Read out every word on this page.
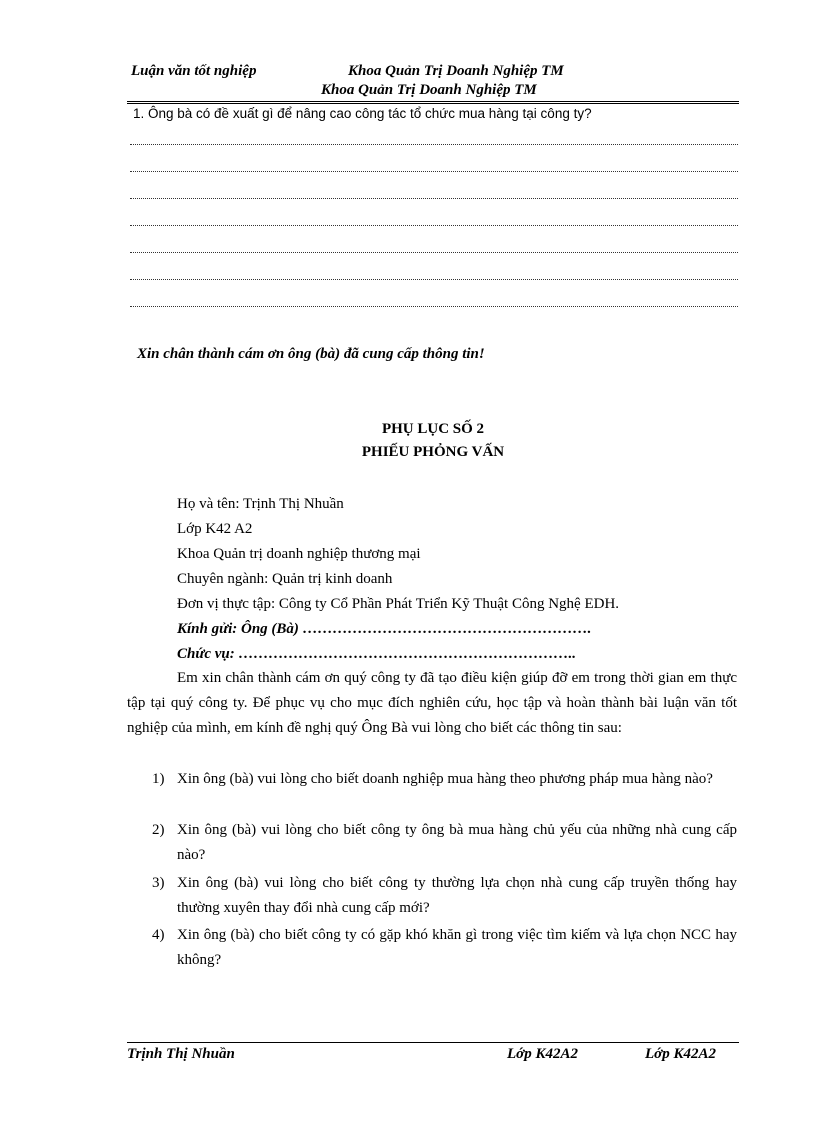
Luận văn tốt nghiệp	Khoa Quản Trị Doanh Nghiệp TM
Khoa Quản Trị Doanh Nghiệp TM
1. Ông bà có đề xuất gì để nâng cao công tác tổ chức mua hàng tại công ty?
Xin chân thành cám ơn ông (bà) đã cung cấp thông tin!
PHỤ LỤC SỐ 2
PHIẾU PHỎNG VẤN
Họ và tên: Trịnh Thị Nhuần
Lớp K42 A2
Khoa Quản trị doanh nghiệp thương mại
Chuyên ngành: Quản trị kinh doanh
Đơn vị thực tập: Công ty Cổ Phần Phát Triển Kỹ Thuật Công Nghệ EDH.
Kính gửi: Ông (Bà) ………………………………………………….
Chức vụ: …………………………………………………………..
Em xin chân thành cám ơn quý công ty đã tạo điều kiện giúp đỡ em trong thời gian em thực tập tại quý công ty. Để phục vụ cho mục đích nghiên cứu, học tập và hoàn thành bài luận văn tốt nghiệp của mình, em kính đề nghị quý Ông Bà vui lòng cho biết các thông tin sau:
1) Xin ông (bà) vui lòng cho biết doanh nghiệp mua hàng theo phương pháp mua hàng nào?
2) Xin ông (bà) vui lòng cho biết công ty ông bà mua hàng chủ yếu của những nhà cung cấp nào?
3) Xin ông (bà) vui lòng cho biết công ty thường lựa chọn nhà cung cấp truyền thống hay thường xuyên thay đổi nhà cung cấp mới?
4) Xin ông (bà) cho biết công ty có gặp khó khăn gì trong việc tìm kiếm và lựa chọn NCC hay không?
Trịnh Thị Nhuần	Lớp K42A2	Lớp K42A2
